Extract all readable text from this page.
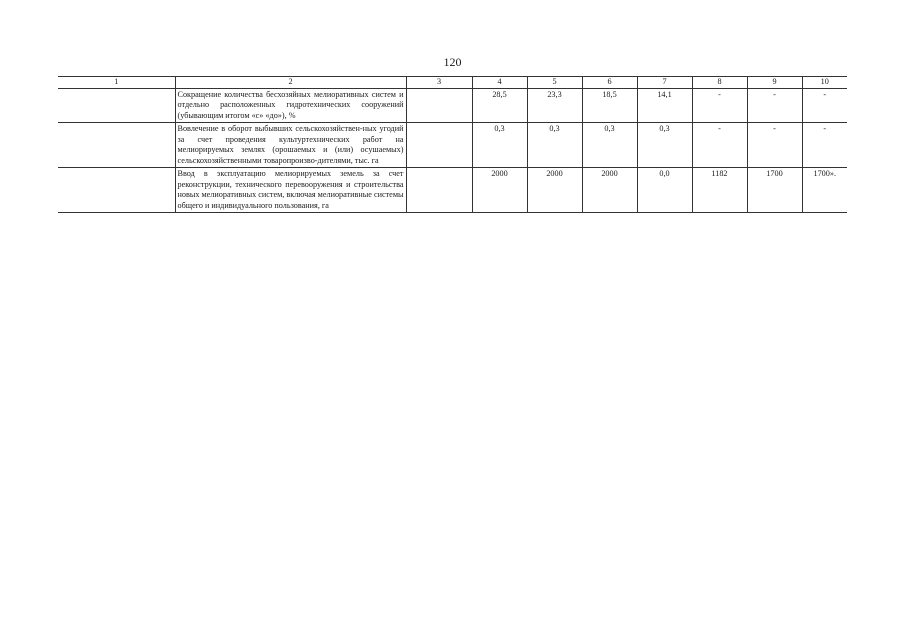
120
1	2	3	4	5	6	7	8	9	10
	Сокращение количества бесхозяйных мелиоративных систем и отдельно расположенных гидротехнических сооружений (убывающим итогом «с» «до»), %		28,5	23,3	18,5	14,1	-	-	-
	Вовлечение в оборот выбывших сельскохозяйствен-ных угодий за счет проведения культуртехнических работ на мелиорируемых землях (орошаемых и (или) осушаемых) сельскохозяйственными товаропроизво-дителями, тыс. га		0,3	0,3	0,3	0,3	-	-	-
	Ввод в эксплуатацию мелиорируемых земель за счет реконструкции, технического перевооружения и строительства новых мелиоративных систем, включая мелиоративные системы общего и индивидуального пользования, га		2000	2000	2000	0,0	1182	1700	1700».
